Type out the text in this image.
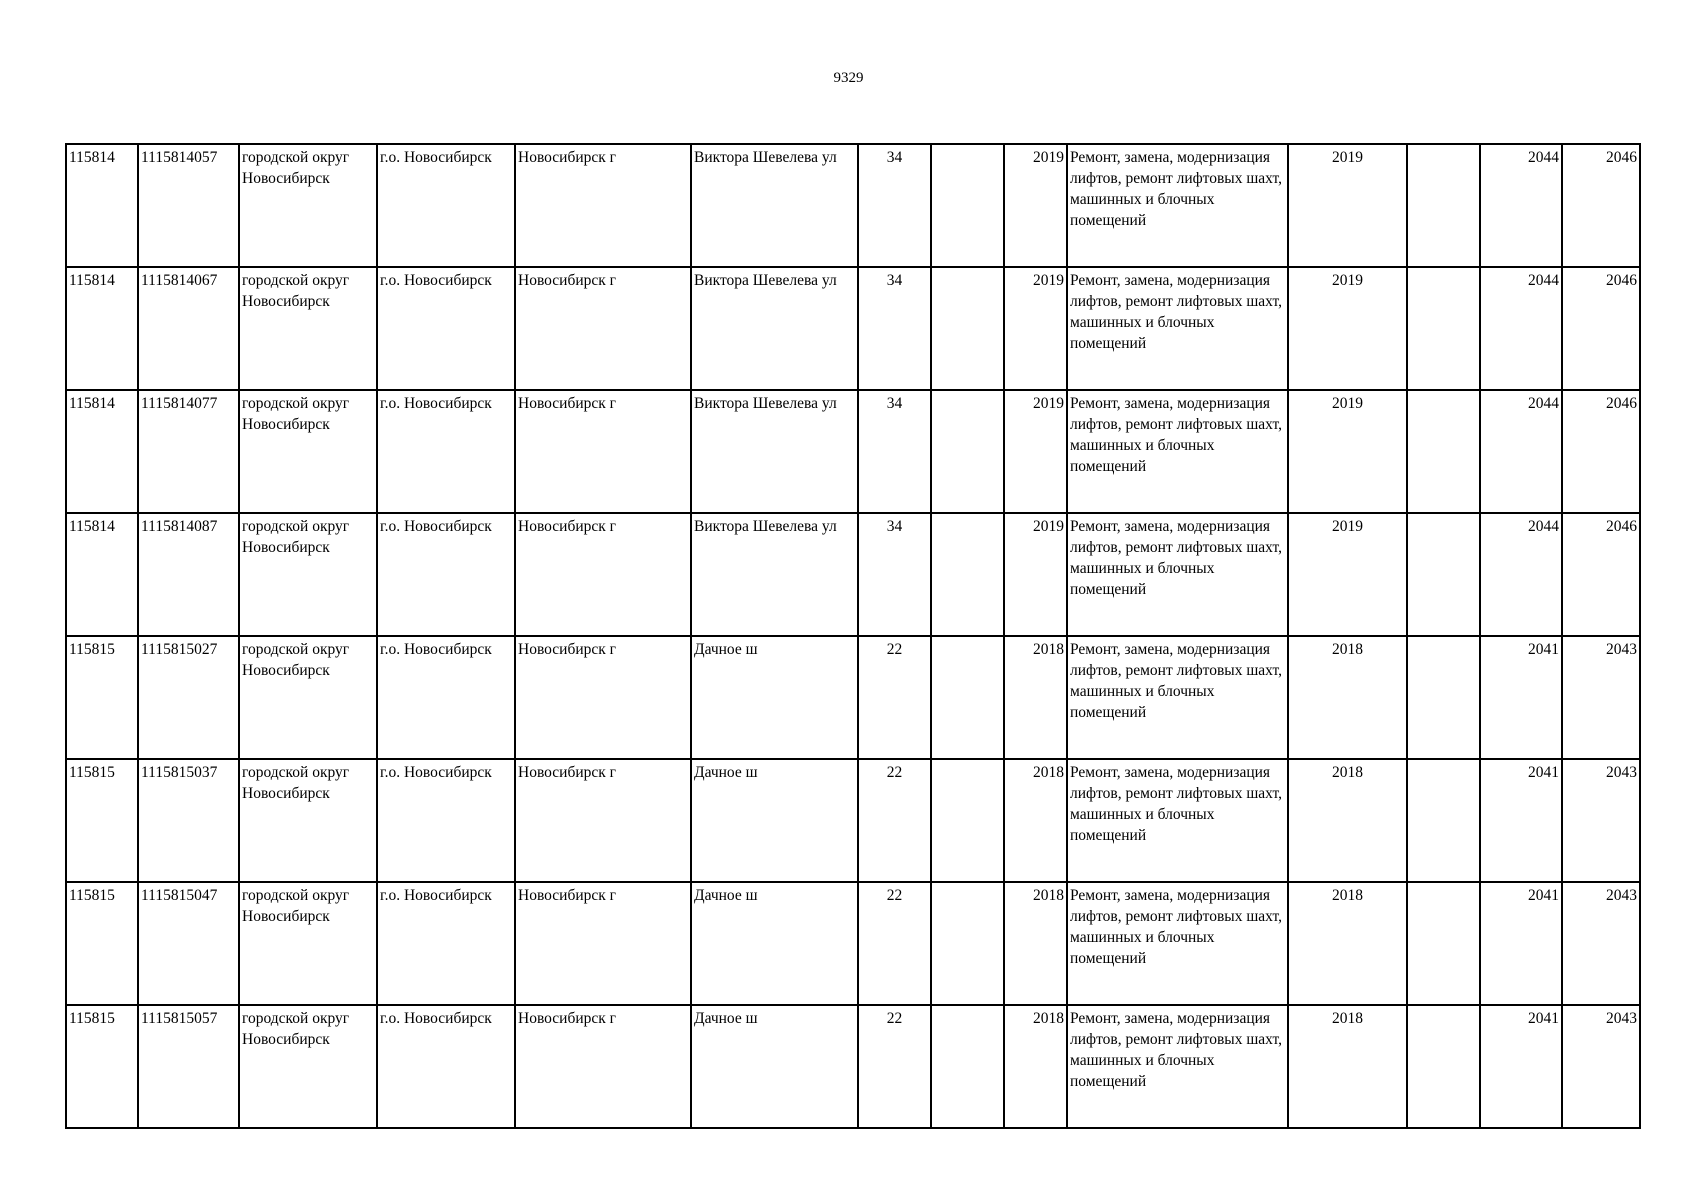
9329
115814	1115814057	городской округ Новосибирск	г.о. Новосибирск	Новосибирск г	Виктора Шевелева ул	34		2019	Ремонт, замена, модернизация лифтов, ремонт лифтовых шахт, машинных и блочных помещений	2019		2044	2046
115814	1115814067	городской округ Новосибирск	г.о. Новосибирск	Новосибирск г	Виктора Шевелева ул	34		2019	Ремонт, замена, модернизация лифтов, ремонт лифтовых шахт, машинных и блочных помещений	2019		2044	2046
115814	1115814077	городской округ Новосибирск	г.о. Новосибирск	Новосибирск г	Виктора Шевелева ул	34		2019	Ремонт, замена, модернизация лифтов, ремонт лифтовых шахт, машинных и блочных помещений	2019		2044	2046
115814	1115814087	городской округ Новосибирск	г.о. Новосибирск	Новосибирск г	Виктора Шевелева ул	34		2019	Ремонт, замена, модернизация лифтов, ремонт лифтовых шахт, машинных и блочных помещений	2019		2044	2046
115815	1115815027	городской округ Новосибирск	г.о. Новосибирск	Новосибирск г	Дачное ш	22		2018	Ремонт, замена, модернизация лифтов, ремонт лифтовых шахт, машинных и блочных помещений	2018		2041	2043
115815	1115815037	городской округ Новосибирск	г.о. Новосибирск	Новосибирск г	Дачное ш	22		2018	Ремонт, замена, модернизация лифтов, ремонт лифтовых шахт, машинных и блочных помещений	2018		2041	2043
115815	1115815047	городской округ Новосибирск	г.о. Новосибирск	Новосибирск г	Дачное ш	22		2018	Ремонт, замена, модернизация лифтов, ремонт лифтовых шахт, машинных и блочных помещений	2018		2041	2043
115815	1115815057	городской округ Новосибирск	г.о. Новосибирск	Новосибирск г	Дачное ш	22		2018	Ремонт, замена, модернизация лифтов, ремонт лифтовых шахт, машинных и блочных помещений	2018		2041	2043
